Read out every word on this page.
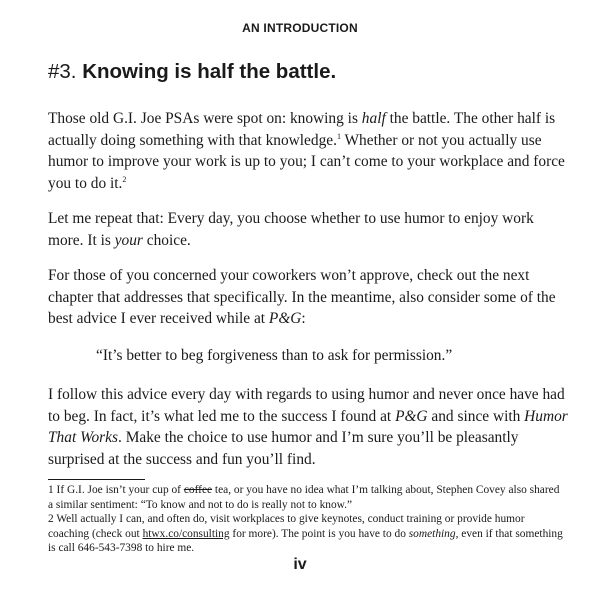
AN INTRODUCTION
#3. Knowing is half the battle.

Those old G.I. Joe PSAs were spot on: knowing is half the battle. The other half is actually doing something with that knowledge.$^1$ Whether or not you actually use humor to improve your work is up to you; I can’t come to your workplace and force you to do it.$^2$

Let me repeat that: Every day, you choose whether to use humor to enjoy work more. It is your choice.

For those of you concerned your coworkers won’t approve, check out the next chapter that addresses that specifically. In the meantime, also consider some of the best advice I ever received while at P&G:

“It’s better to beg forgiveness than to ask for permission.”

I follow this advice every day with regards to using humor and never once have had to beg. In fact, it’s what led me to the success I found at P&G and since with Humor That Works. Make the choice to use humor and I’m sure you’ll be pleasantly surprised at the success and fun you’ll find.

1 If G.I. Joe isn’t your cup of coffee tea, or you have no idea what I’m talking about, Stephen Covey also shared a similar sentiment: “To know and not to do is really not to know.”

2 Well actually I can, and often do, visit workplaces to give keynotes, conduct training or provide humor coaching (check out htwx.co/consulting for more). The point is you have to do something, even if that something is call 646-543-7398 to hire me.

iv
